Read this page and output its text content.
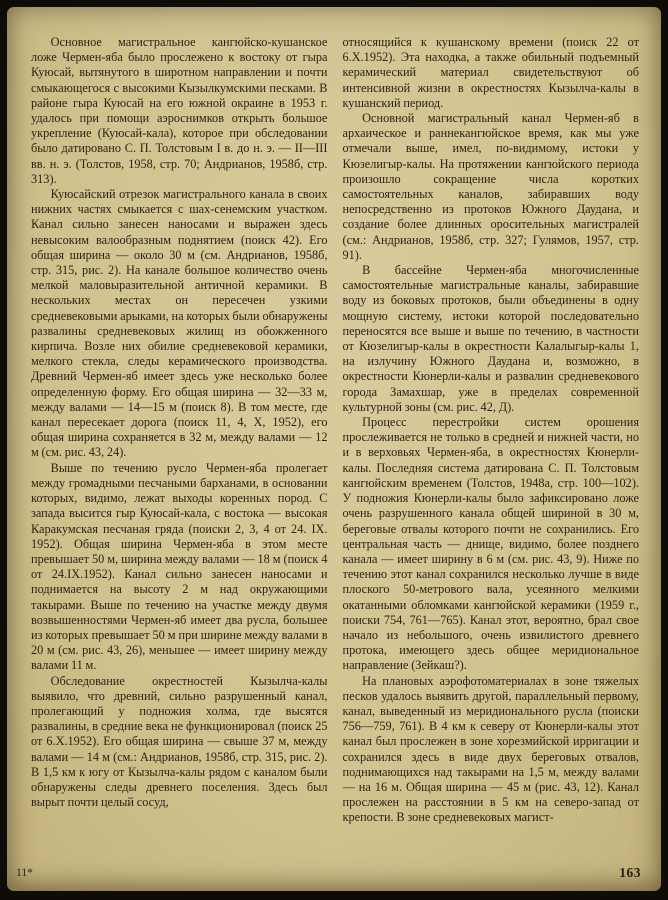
Основное магистральное кангюйско-кушанское ложе Чермен-яба было прослежено к востоку от гыра Куюсай, вытянутого в широтном направлении и почти смыкающегося с высокими Кызылкумскими песками. В районе гыра Куюсай на его южной окраине в 1953 г. удалось при помощи аэроснимков открыть большое укрепление (Куюсай-кала), которое при обследовании было датировано С. П. Толстовым I в. до н. э. — II—III вв. н. э. (Толстов, 1958, стр. 70; Андрианов, 1958б, стр. 313).

Куюсайский отрезок магистрального канала в своих нижних частях смыкается с шах-сенемским участком. Канал сильно занесен наносами и выражен здесь невысоким валообразным поднятием (поиск 42). Его общая ширина — около 30 м (см. Андрианов, 1958б, стр. 315, рис. 2). На канале большое количество очень мелкой маловыразительной античной керамики. В нескольких местах он пересечен узкими средневековыми арыками, на которых были обнаружены развалины средневековых жилищ из обожженного кирпича. Возле них обилие средневековой керамики, мелкого стекла, следы керамического производства. Древний Чермен-яб имеет здесь уже несколько более определенную форму. Его общая ширина — 32—33 м, между валами — 14—15 м (поиск 8). В том месте, где канал пересекает дорога (поиск 11, 4, X, 1952), его общая ширина сохраняется в 32 м, между валами — 12 м (см. рис. 43, 24).

Выше по течению русло Чермен-яба пролегает между громадными песчаными барханами, в основании которых, видимо, лежат выходы коренных пород. С запада высится гыр Куюсай-кала, с востока — высокая Каракумская песчаная гряда (поиски 2, 3, 4 от 24. IX. 1952). Общая ширина Чермен-яба в этом месте превышает 50 м, ширина между валами — 18 м (поиск 4 от 24.IX.1952). Канал сильно занесен наносами и поднимается на высоту 2 м над окружающими такырами. Выше по течению на участке между двумя возвышенностями Чермен-яб имеет два русла, большее из которых превышает 50 м при ширине между валами в 20 м (см. рис. 43, 26), меньшее — имеет ширину между валами 11 м.

Обследование окрестностей Кызылча-калы выявило, что древний, сильно разрушенный канал, пролегающий у подножия холма, где высятся развалины, в средние века не функционировал (поиск 25 от 6.X.1952). Его общая ширина — свыше 37 м, между валами — 14 м (см.: Андрианов, 1958б, стр. 315, рис. 2). В 1,5 км к югу от Кызылча-калы рядом с каналом были обнаружены следы древнего поселения. Здесь был вырыт почти целый сосуд,

относящийся к кушанскому времени (поиск 22 от 6.X.1952). Эта находка, а также обильный подъемный керамический материал свидетельствуют об интенсивной жизни в окрестностях Кызылча-калы в кушанский период.

Основной магистральный канал Чермен-яб в архаическое и раннекангюйское время, как мы уже отмечали выше, имел, по-видимому, истоки у Кюзелигыр-калы. На протяжении кангюйского периода произошло сокращение числа коротких самостоятельных каналов, забиравших воду непосредственно из протоков Южного Даудана, и создание более длинных оросительных магистралей (см.: Андрианов, 1958б, стр. 327; Гулямов, 1957, стр. 91).

В бассейне Чермен-яба многочисленные самостоятельные магистральные каналы, забиравшие воду из боковых протоков, были объединены в одну мощную систему, истоки которой последовательно переносятся все выше и выше по течению, в частности от Кюзелигыр-калы в окрестности Калалыгыр-калы 1, на излучину Южного Даудана и, возможно, в окрестности Кюнерли-калы и развалин средневекового города Замахшар, уже в пределах современной культурной зоны (см. рис. 42, Д).

Процесс перестройки систем орошения прослеживается не только в средней и нижней части, но и в верховьях Чермен-яба, в окрестностях Кюнерли-калы. Последняя система датирована С. П. Толстовым кангюйским временем (Толстов, 1948а, стр. 100—102). У подножия Кюнерли-калы было зафиксировано ложе очень разрушенного канала общей шириной в 30 м, береговые отвалы которого почти не сохранились. Его центральная часть — днище, видимо, более позднего канала — имеет ширину в 6 м (см. рис. 43, 9). Ниже по течению этот канал сохранился несколько лучше в виде плоского 50-метрового вала, усеянного мелкими окатанными обломками кангюйской керамики (1959 г., поиски 754, 761—765). Канал этот, вероятно, брал свое начало из небольшого, очень извилистого древнего протока, имеющего здесь общее меридиональное направление (Зейкаш?).

На плановых аэрофотоматериалах в зоне тяжелых песков удалось выявить другой, параллельный первому, канал, выведенный из меридионального русла (поиски 756—759, 761). В 4 км к северу от Кюнерли-калы этот канал был прослежен в зоне хорезмийской ирригации и сохранился здесь в виде двух береговых отвалов, поднимающихся над такырами на 1,5 м, между валами — на 16 м. Общая ширина — 45 м (рис. 43, 12). Канал прослежен на расстоянии в 5 км на северо-запад от крепости. В зоне средневековых магист-

11*	163
